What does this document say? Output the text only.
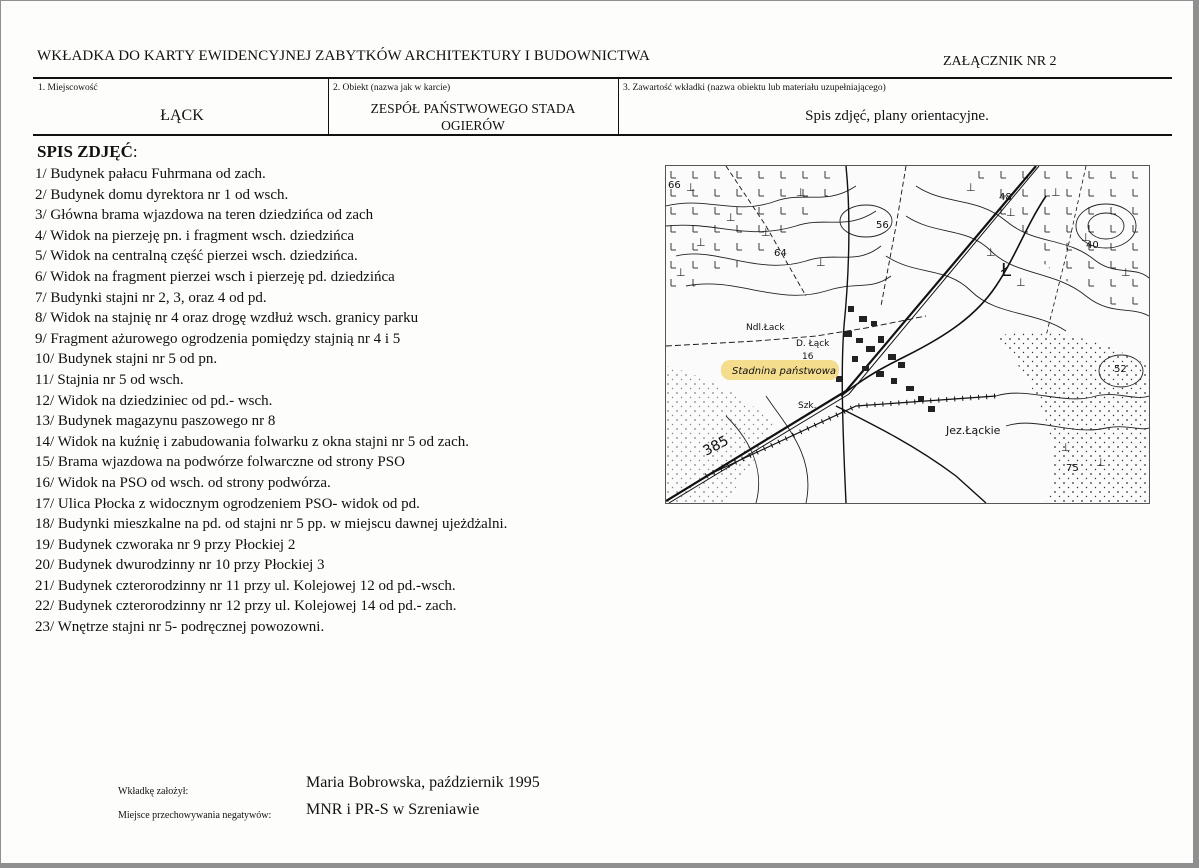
WKŁADKA DO KARTY EWIDENCYJNEJ ZABYTKÓW ARCHITEKTURY I BUDOWNICTWA	ZAŁĄCZNIK NR 2
1. Miejscowość
ŁĄCK
2. Obiekt (nazwa jak w karcie)
ZESPÓŁ PAŃSTWOWEGO STADA OGIERÓW
3. Zawartość wkładki (nazwa obiektu lub materiału uzupełniającego)
Spis zdjęć, plany orientacyjne.
SPIS ZDJĘĆ:
1/ Budynek pałacu Fuhrmana od zach.
2/ Budynek domu dyrektora nr 1 od wsch.
3/ Główna brama wjazdowa na teren dziedzińca od zach
4/ Widok na pierzeję pn. i fragment wsch. dziedzińca
5/ Widok na centralną część pierzei wsch. dziedzińca.
6/ Widok na fragment pierzei wsch i pierzeję pd. dziedzińca
7/ Budynki stajni nr 2, 3, oraz 4 od pd.
8/ Widok na stajnię nr 4 oraz drogę wzdłuż wsch. granicy parku
9/ Fragment ażurowego ogrodzenia pomiędzy stajnią nr 4 i 5
10/ Budynek stajni nr 5 od pn.
11/ Stajnia nr 5 od wsch.
12/ Widok na dziedziniec od pd.- wsch.
13/ Budynek magazynu paszowego nr 8
14/ Widok na kuźnię i zabudowania folwarku z okna stajni nr 5 od zach.
15/ Brama wjazdowa na podwórze folwarczne od strony PSO
16/ Widok na PSO od wsch. od strony podwórza.
17/ Ulica Płocka z widocznym ogrodzeniem PSO- widok od pd.
18/ Budynki mieszkalne na pd. od stajni nr 5 pp. w miejscu dawnej ujeżdżalni.
19/ Budynek czworaka nr 9 przy Płockiej 2
20/ Budynek dwurodzinny nr 10 przy Płockiej 3
21/ Budynek czterorodzinny nr 11 przy ul. Kolejowej 12 od pd.-wsch.
22/ Budynek czterorodzinny nr 12 przy ul. Kolejowej 14 od pd.- zach.
23/ Wnętrze stajni nr 5- podręcznej powozowni.
⊥
⊥
⊥
⊥
⊥	⊥
⊥
⊥
⊥
⊥
⊥
⊥
⊥
⊥
⊥
⊥
Stadnina państwowa
Ndl.Łack
D. Łąck
16
Szk.
385
Jez.Łąckie
Ł
66
64
40
52
48
75
56
Wkładkę założył:
Maria Bobrowska, październik 1995
Miejsce przechowywania negatywów: MNR i PR-S w Szreniawie
